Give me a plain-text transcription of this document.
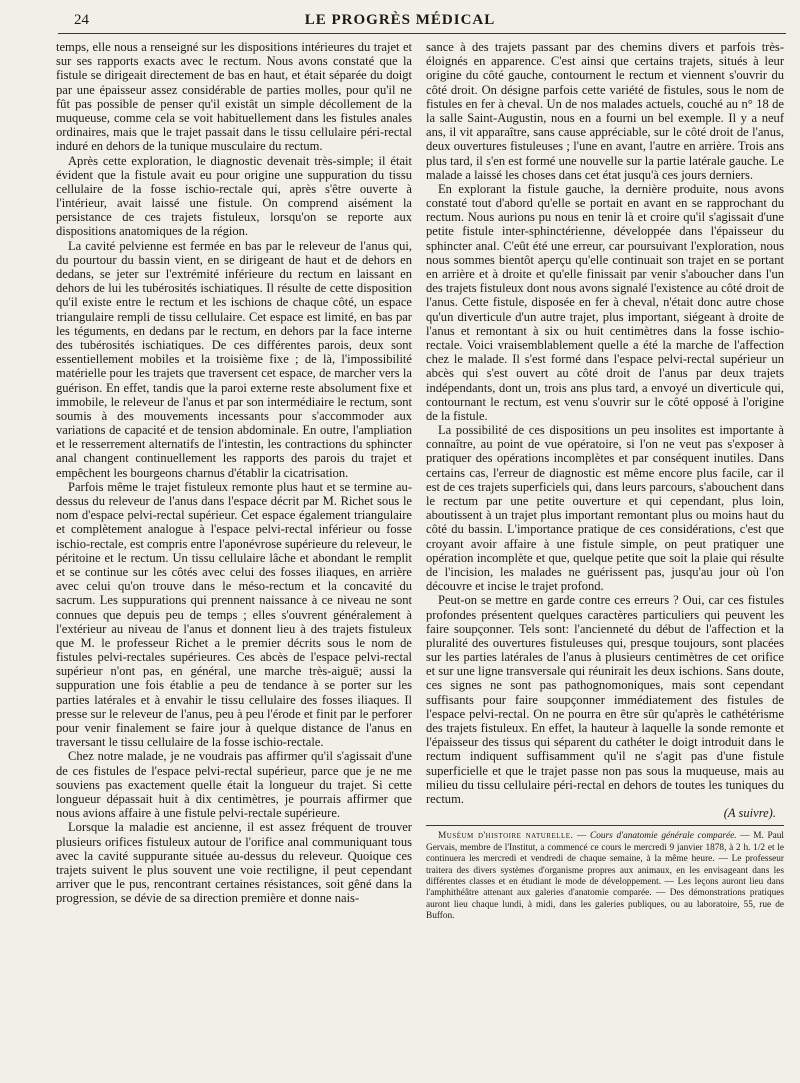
24	LE PROGRÈS MÉDICAL

temps, elle nous a renseigné sur les dispositions intérieures du trajet et sur ses rapports exacts avec le rectum. Nous avons constaté que la fistule se dirigeait directement de bas en haut, et était séparée du doigt par une épaisseur assez considérable de parties molles, pour qu'il ne fût pas possible de penser qu'il existât un simple décollement de la muqueuse, comme cela se voit habituellement dans les fistules anales ordinaires, mais que le trajet passait dans le tissu cellulaire péri-rectal induré en dehors de la tunique musculaire du rectum.

Après cette exploration, le diagnostic devenait très-simple; il était évident que la fistule avait eu pour origine une suppuration du tissu cellulaire de la fosse ischio-rectale qui, après s'être ouverte à l'intérieur, avait laissé une fistule. On comprend aisément la persistance de ces trajets fistuleux, lorsqu'on se reporte aux dispositions anatomiques de la région.

La cavité pelvienne est fermée en bas par le releveur de l'anus qui, du pourtour du bassin vient, en se dirigeant de haut et de dehors en dedans, se jeter sur l'extrémité inférieure du rectum en laissant en dehors de lui les tubérosités ischiatiques. Il résulte de cette disposition qu'il existe entre le rectum et les ischions de chaque côté, un espace triangulaire rempli de tissu cellulaire. Cet espace est limité, en bas par les téguments, en dedans par le rectum, en dehors par la face interne des tubérosités ischiatiques. De ces différentes parois, deux sont essentiellement mobiles et la troisième fixe ; de là, l'impossibilité matérielle pour les trajets que traversent cet espace, de marcher vers la guérison. En effet, tandis que la paroi externe reste absolument fixe et immobile, le releveur de l'anus et par son intermédiaire le rectum, sont soumis à des mouvements incessants pour s'accommoder aux variations de capacité et de tension abdominale. En outre, l'ampliation et le resserrement alternatifs de l'intestin, les contractions du sphincter anal changent continuellement les rapports des parois du trajet et empêchent les bourgeons charnus d'établir la cicatrisation.

Parfois même le trajet fistuleux remonte plus haut et se termine au-dessus du releveur de l'anus dans l'espace décrit par M. Richet sous le nom d'espace pelvi-rectal supérieur. Cet espace également triangulaire et complètement analogue à l'espace pelvi-rectal inférieur ou fosse ischio-rectale, est compris entre l'aponévrose supérieure du releveur, le péritoine et le rectum. Un tissu cellulaire lâche et abondant le remplit et se continue sur les côtés avec celui des fosses iliaques, en arrière avec celui qu'on trouve dans le méso-rectum et la concavité du sacrum. Les suppurations qui prennent naissance à ce niveau ne sont connues que depuis peu de temps ; elles s'ouvrent généralement à l'extérieur au niveau de l'anus et donnent lieu à des trajets fistuleux que M. le professeur Richet a le premier décrits sous le nom de fistules pelvi-rectales supérieures. Ces abcès de l'espace pelvi-rectal supérieur n'ont pas, en général, une marche très-aiguë; aussi la suppuration une fois établie a peu de tendance à se porter sur les parties latérales et à envahir le tissu cellulaire des fosses iliaques. Il presse sur le releveur de l'anus, peu à peu l'érode et finit par le perforer pour venir finalement se faire jour à quelque distance de l'anus en traversant le tissu cellulaire de la fosse ischio-rectale.

Chez notre malade, je ne voudrais pas affirmer qu'il s'agissait d'une de ces fistules de l'espace pelvi-rectal supérieur, parce que je ne me souviens pas exactement quelle était la longueur du trajet. Si cette longueur dépassait huit à dix centimètres, je pourrais affirmer que nous avions affaire à une fistule pelvi-rectale supérieure.

Lorsque la maladie est ancienne, il est assez fréquent de trouver plusieurs orifices fistuleux autour de l'orifice anal communiquant tous avec la cavité suppurante située au-dessus du releveur. Quoique ces trajets suivent le plus souvent une voie rectiligne, il peut cependant arriver que le pus, rencontrant certaines résistances, soit gêné dans la progression, se dévie de sa direction première et donne nais-

sance à des trajets passant par des chemins divers et parfois très-éloignés en apparence. C'est ainsi que certains trajets, situés à leur origine du côté gauche, contournent le rectum et viennent s'ouvrir du côté droit. On désigne parfois cette variété de fistules, sous le nom de fistules en fer à cheval. Un de nos malades actuels, couché au n° 18 de la salle Saint-Augustin, nous en a fourni un bel exemple. Il y a neuf ans, il vit apparaître, sans cause appréciable, sur le côté droit de l'anus, deux ouvertures fistuleuses ; l'une en avant, l'autre en arrière. Trois ans plus tard, il s'en est formé une nouvelle sur la partie latérale gauche. Le malade a laissé les choses dans cet état jusqu'à ces jours derniers.

En explorant la fistule gauche, la dernière produite, nous avons constaté tout d'abord qu'elle se portait en avant en se rapprochant du rectum. Nous aurions pu nous en tenir là et croire qu'il s'agissait d'une petite fistule inter-sphinctérienne, développée dans l'épaisseur du sphincter anal. C'eût été une erreur, car poursuivant l'exploration, nous nous sommes bientôt aperçu qu'elle continuait son trajet en se portant en arrière et à droite et qu'elle finissait par venir s'aboucher dans l'un des trajets fistuleux dont nous avons signalé l'existence au côté droit de l'anus. Cette fistule, disposée en fer à cheval, n'était donc autre chose qu'un diverticule d'un autre trajet, plus important, siégeant à droite de l'anus et remontant à six ou huit centimètres dans la fosse ischio-rectale. Voici vraisemblablement quelle a été la marche de l'affection chez le malade. Il s'est formé dans l'espace pelvi-rectal supérieur un abcès qui s'est ouvert au côté droit de l'anus par deux trajets indépendants, dont un, trois ans plus tard, a envoyé un diverticule qui, contournant le rectum, est venu s'ouvrir sur le côté opposé à l'origine de la fistule.

La possibilité de ces dispositions un peu insolites est importante à connaître, au point de vue opératoire, si l'on ne veut pas s'exposer à pratiquer des opérations incomplètes et par conséquent inutiles. Dans certains cas, l'erreur de diagnostic est même encore plus facile, car il est de ces trajets superficiels qui, dans leurs parcours, s'abouchent dans le rectum par une petite ouverture et qui cependant, plus loin, aboutissent à un trajet plus important remontant plus ou moins haut du côté du bassin. L'importance pratique de ces considérations, c'est que croyant avoir affaire à une fistule simple, on peut pratiquer une opération incomplète et que, quelque petite que soit la plaie qui résulte de l'incision, les malades ne guérissent pas, jusqu'au jour où l'on découvre et incise le trajet profond.

Peut-on se mettre en garde contre ces erreurs ? Oui, car ces fistules profondes présentent quelques caractères particuliers qui peuvent les faire soupçonner. Tels sont: l'ancienneté du début de l'affection et la pluralité des ouvertures fistuleuses qui, presque toujours, sont placées sur les parties latérales de l'anus à plusieurs centimètres de cet orifice et sur une ligne transversale qui réunirait les deux ischions. Sans doute, ces signes ne sont pas pathognomoniques, mais sont cependant suffisants pour faire soupçonner immédiatement des fistules de l'espace pelvi-rectal. On ne pourra en être sûr qu'après le cathétérisme des trajets fistuleux. En effet, la hauteur à laquelle la sonde remonte et l'épaisseur des tissus qui séparent du cathéter le doigt introduit dans le rectum indiquent suffisamment qu'il ne s'agit pas d'une fistule superficielle et que le trajet passe non pas sous la muqueuse, mais au milieu du tissu cellulaire péri-rectal en dehors de toutes les tuniques du rectum.

(A suivre).

Muséum d'histoire naturelle. — Cours d'anatomie générale comparée. — M. Paul Gervais, membre de l'Institut, a commencé ce cours le mercredi 9 janvier 1878, à 2 h. 1/2 et le continuera les mercredi et vendredi de chaque semaine, à la même heure. — Le professeur traitera des divers systèmes d'organisme propres aux animaux, en les envisageant dans les différentes classes et en étudiant le mode de développement. — Les leçons auront lieu dans l'amphithéâtre attenant aux galeries d'anatomie comparée. — Des démonstrations pratiques auront lieu chaque lundi, à midi, dans les galeries publiques, ou au laboratoire, 55, rue de Buffon.
